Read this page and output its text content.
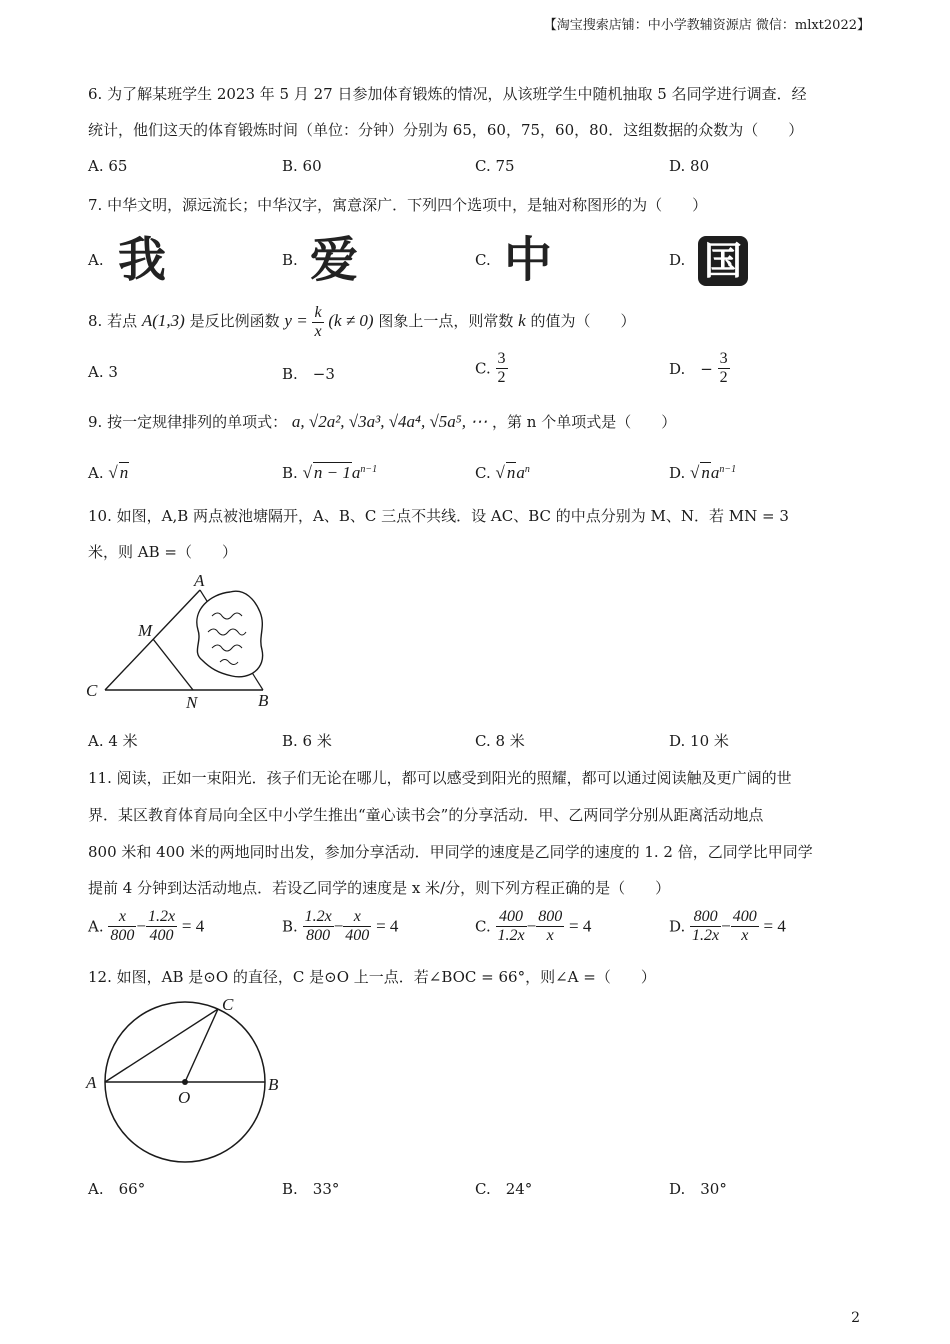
【淘宝搜索店铺：中小学教辅资源店 微信：mlxt2022】
6. 为了解某班学生 2023 年 5 月 27 日参加体育锻炼的情况，从该班学生中随机抽取 5 名同学进行调查．经
统计，他们这天的体育锻炼时间（单位：分钟）分别为 65，60，75，60，80．这组数据的众数为（　　）
A. 65	B. 60	C. 75	D. 80
7. 中华文明，源远流长；中华汉字，寓意深广．下列四个选项中，是轴对称图形的为（　　）
A. 我	B. 爱	C. 中	D. 国
8. 若点 A(1,3) 是反比例函数 $y = \frac{k}{x} (k \ne 0)$ 图象上一点，则常数 k 的值为（　　）
A. 3	B.　−3	C. $\frac{3}{2}$	D.　− $\frac{3}{2}$
9. 按一定规律排列的单项式： a, √2a², √3a³, √4a⁴, √5a⁵, ⋯ ，第 n 个单项式是（　　）
A. √ n	B. √ $n - 1a^{n-1}$	C. √ $na^n$	D. √ $na^{n-1}$
10. 如图，A,B 两点被池塘隔开，A、B、C 三点不共线．设 AC、BC 的中点分别为 M、N．若 MN = 3
米，则 AB =（　　）
A
M
C
N	B
A. 4 米	B. 6 米	C. 8 米	D. 10 米
11. 阅读，正如一束阳光．孩子们无论在哪儿，都可以感受到阳光的照耀，都可以通过阅读触及更广阔的世
界．某区教育体育局向全区中小学生推出“童心读书会”的分享活动．甲、乙两同学分别从距离活动地点
800 米和 400 米的两地同时出发，参加分享活动．甲同学的速度是乙同学的速度的 1. 2 倍，乙同学比甲同学
提前 4 分钟到达活动地点．若设乙同学的速度是 x 米/分，则下列方程正确的是（　　）
A. $\frac{x}{800} - \frac{1.2x}{400} = 4$	B. $\frac{1.2x}{800} - \frac{x}{400} = 4$	C. $\frac{400}{1.2x} - \frac{800}{x} = 4$	D. $\frac{800}{1.2x} - \frac{400}{x} = 4$
12. 如图，AB 是⊙O 的直径，C 是⊙O 上一点．若∠BOC = 66°，则∠A =（　　）
C
A	B
O
A.　66°	B.　33°	C.　24°	D.　30°
2
